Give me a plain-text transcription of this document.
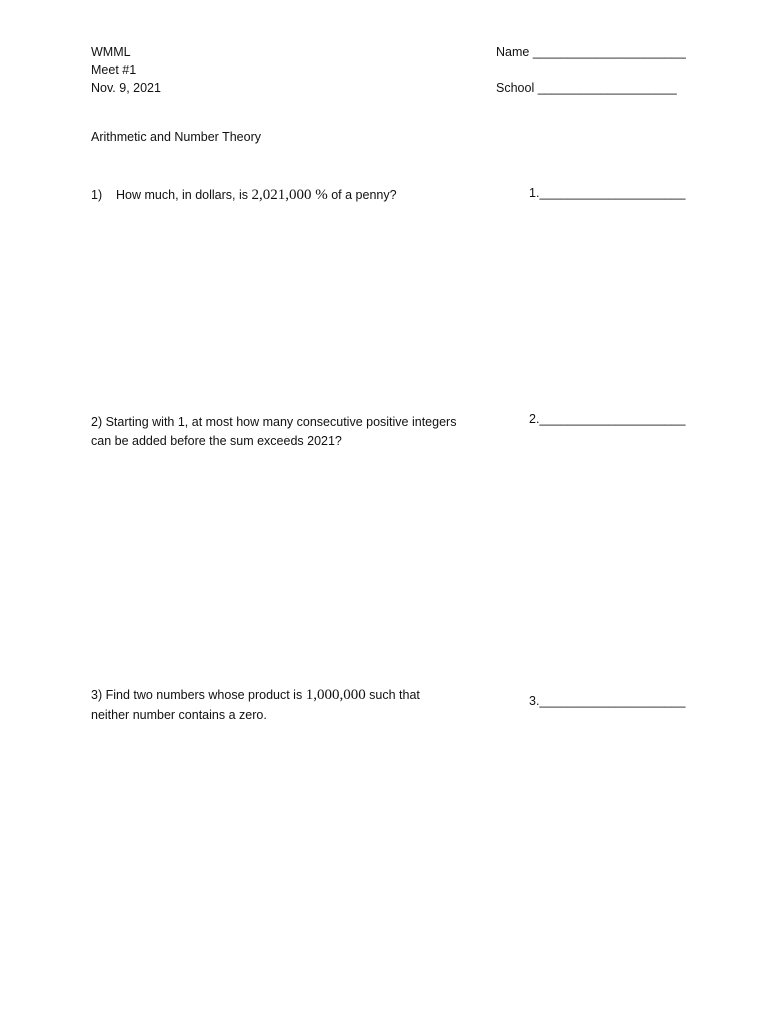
WMML
Meet #1
Nov. 9, 2021
Name ______________________
School ____________________
Arithmetic and Number Theory
1) How much, in dollars, is 2,021,000 % of a penny?	1._____________________
2) Starting with 1, at most how many consecutive positive integers
can be added before the sum exceeds 2021?
2._____________________
3) Find two numbers whose product is 1,000,000 such that
neither number contains a zero.
3._____________________
